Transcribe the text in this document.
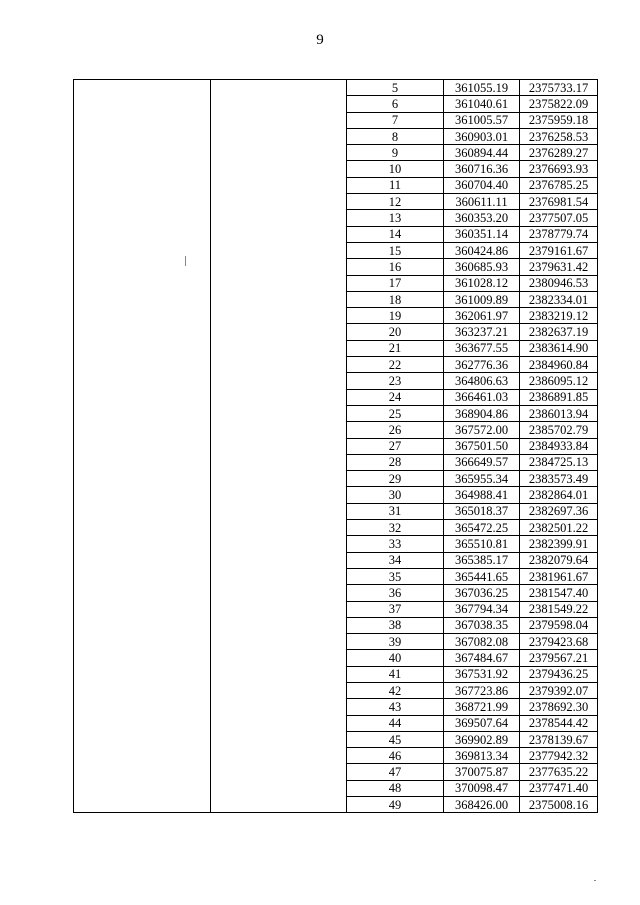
9
		5	361055.19	2375733.17
		6	361040.61	2375822.09
		7	361005.57	2375959.18
		8	360903.01	2376258.53
		9	360894.44	2376289.27
		10	360716.36	2376693.93
		11	360704.40	2376785.25
		12	360611.11	2376981.54
		13	360353.20	2377507.05
		14	360351.14	2378779.74
		15	360424.86	2379161.67
		16	360685.93	2379631.42
		17	361028.12	2380946.53
		18	361009.89	2382334.01
		19	362061.97	2383219.12
		20	363237.21	2382637.19
		21	363677.55	2383614.90
		22	362776.36	2384960.84
		23	364806.63	2386095.12
		24	366461.03	2386891.85
		25	368904.86	2386013.94
		26	367572.00	2385702.79
		27	367501.50	2384933.84
		28	366649.57	2384725.13
		29	365955.34	2383573.49
		30	364988.41	2382864.01
		31	365018.37	2382697.36
		32	365472.25	2382501.22
		33	365510.81	2382399.91
		34	365385.17	2382079.64
		35	365441.65	2381961.67
		36	367036.25	2381547.40
		37	367794.34	2381549.22
		38	367038.35	2379598.04
		39	367082.08	2379423.68
		40	367484.67	2379567.21
		41	367531.92	2379436.25
		42	367723.86	2379392.07
		43	368721.99	2378692.30
		44	369507.64	2378544.42
		45	369902.89	2378139.67
		46	369813.34	2377942.32
		47	370075.87	2377635.22
		48	370098.47	2377471.40
		49	368426.00	2375008.16
